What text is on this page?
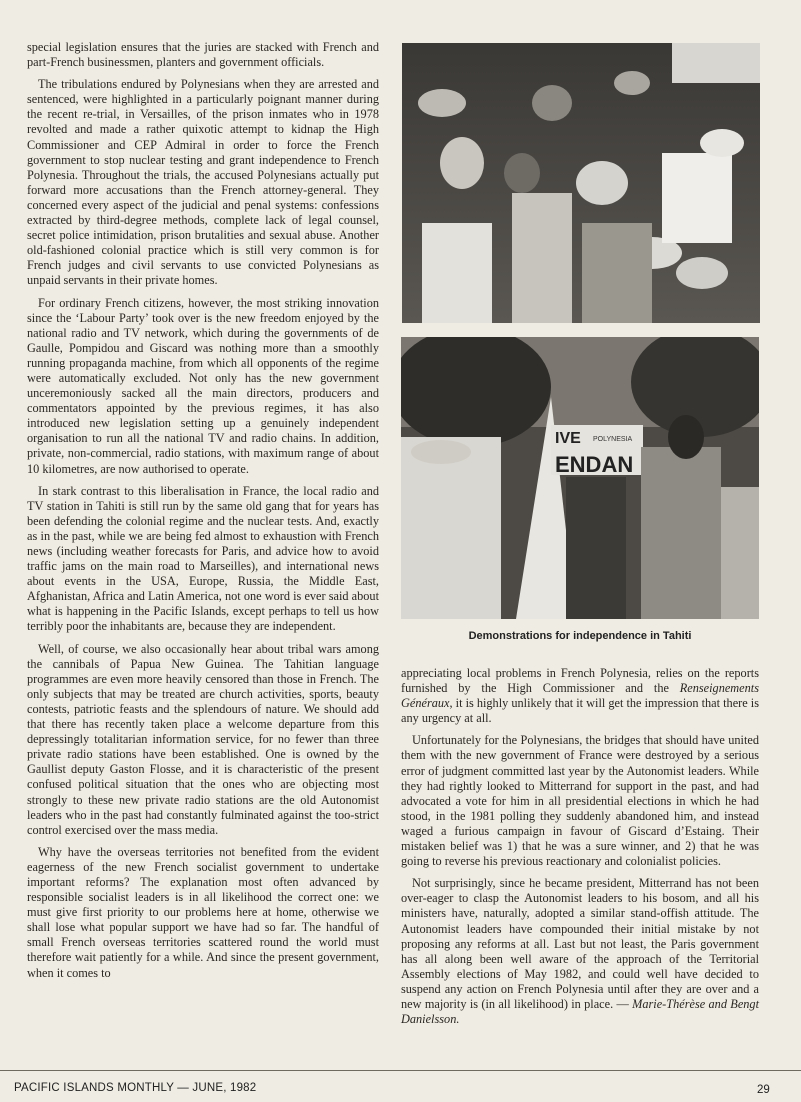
special legislation ensures that the juries are stacked with French and part-French businessmen, planters and government officials.

The tribulations endured by Polynesians when they are arrested and sentenced, were highlighted in a particularly poignant manner during the recent re-trial, in Versailles, of the prison inmates who in 1978 revolted and made a rather quixotic attempt to kidnap the High Commissioner and CEP Admiral in order to force the French government to stop nuclear testing and grant independence to French Polynesia. Throughout the trials, the accused Polynesians actually put forward more accusations than the French attorney-general. They concerned every aspect of the judicial and penal systems: confessions extracted by third-degree methods, complete lack of legal counsel, secret police intimidation, prison brutalities and sexual abuse. Another old-fashioned colonial practice which is still very common is for French judges and civil servants to use convicted Polynesians as unpaid servants in their private homes.

For ordinary French citizens, however, the most striking innovation since the ‘Labour Party’ took over is the new freedom enjoyed by the national radio and TV network, which during the governments of de Gaulle, Pompidou and Giscard was nothing more than a smoothly running propaganda machine, from which all opponents of the regime were automatically excluded. Not only has the new government unceremoniously sacked all the main directors, producers and commentators appointed by the previous regimes, it has also introduced new legislation setting up a genuinely independent organisation to run all the national TV and radio chains. In addition, private, non-commercial, radio stations, with maximum range of about 10 kilometres, are now authorised to operate.

In stark contrast to this liberalisation in France, the local radio and TV station in Tahiti is still run by the same old gang that for years has been defending the colonial regime and the nuclear tests. And, exactly as in the past, while we are being fed almost to exhaustion with French news (including weather forecasts for Paris, and advice how to avoid traffic jams on the main road to Marseilles), and international news about events in the USA, Europe, Russia, the Middle East, Afghanistan, Africa and Latin America, not one word is ever said about what is happening in the Pacific Islands, except perhaps to tell us how terribly poor the inhabitants are, because they are independent.

Well, of course, we also occasionally hear about tribal wars among the cannibals of Papua New Guinea. The Tahitian language programmes are even more heavily censored than those in French. The only subjects that may be treated are church activities, sports, beauty contests, patriotic feasts and the splendours of nature. We should add that there has recently taken place a welcome departure from this depressingly totalitarian information service, for no fewer than three private radio stations have been established. One is owned by the Gaullist deputy Gaston Flosse, and it is characteristic of the present confused political situation that the ones who are objecting most strongly to these new private radio stations are the old Autonomist leaders who in the past had constantly fulminated against the too-strict control exercised over the mass media.

Why have the overseas territories not benefited from the evident eagerness of the new French socialist government to undertake important reforms? The explanation most often advanced by responsible socialist leaders is in all likelihood the correct one: we must give first priority to our problems here at home, otherwise we shall lose what popular support we have had so far. The handful of small French overseas territories scattered round the world must therefore wait patiently for a while. And since the present government, when it comes to

IVE POLYNESIA
ENDAN
Demonstrations for independence in Tahiti

appreciating local problems in French Polynesia, relies on the reports furnished by the High Commissioner and the Renseignements Généraux, it is highly unlikely that it will get the impression that there is any urgency at all.

Unfortunately for the Polynesians, the bridges that should have united them with the new government of France were destroyed by a serious error of judgment committed last year by the Autonomist leaders. While they had rightly looked to Mitterrand for support in the past, and had advocated a vote for him in all presidential elections in which he had stood, in the 1981 polling they suddenly abandoned him, and instead waged a furious campaign in favour of Giscard d’Estaing. Their mistaken belief was 1) that he was a sure winner, and 2) that he was going to reverse his previous reactionary and colonialist policies.

Not surprisingly, since he became president, Mitterrand has not been over-eager to clasp the Autonomist leaders to his bosom, and all his ministers have, naturally, adopted a similar stand-offish attitude. The Autonomist leaders have compounded their initial mistake by not proposing any reforms at all. Last but not least, the Paris government has all along been well aware of the approach of the Territorial Assembly elections of May 1982, and could well have decided to suspend any action on French Polynesia until after they are over and a new majority is (in all likelihood) in place. — Marie-Thérèse and Bengt Danielsson.

PACIFIC ISLANDS MONTHLY — JUNE, 1982	29
